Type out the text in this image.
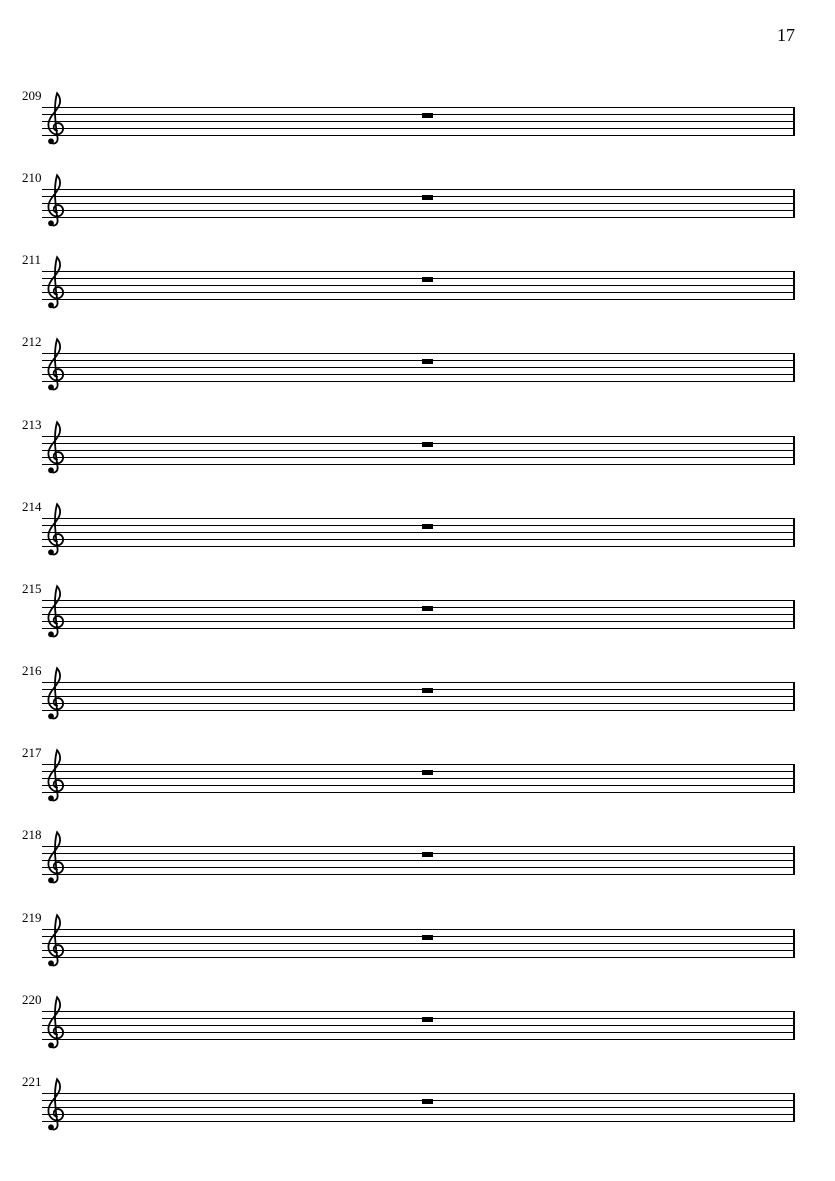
17
209
210
211
212
213
214
215
216
217
218
219
220
221
